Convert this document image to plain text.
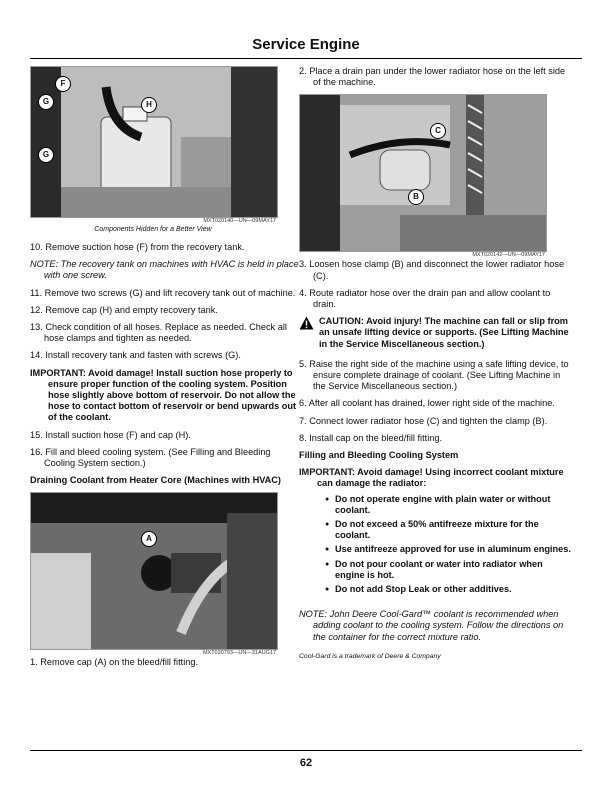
Service Engine
F
G	H
G
MXT020140—UN—09MAY17
Components Hidden for a Better View
10. Remove suction hose (F) from the recovery tank.
NOTE: The recovery tank on machines with HVAC is held in place with one screw.
11. Remove two screws (G) and lift recovery tank out of machine.
12. Remove cap (H) and empty recovery tank.
13. Check condition of all hoses. Replace as needed. Check all hose clamps and tighten as needed.
14. Install recovery tank and fasten with screws (G).
IMPORTANT: Avoid damage! Install suction hose properly to ensure proper function of the cooling system. Position hose slightly above bottom of reservoir. Do not allow the hose to contact bottom of reservoir or bend upwards out of the coolant.
15. Install suction hose (F) and cap (H).
16. Fill and bleed cooling system. (See Filling and Bleeding Cooling System section.)
Draining Coolant from Heater Core (Machines with HVAC)
A
MXT020793—UN—31AUG17
1. Remove cap (A) on the bleed/fill fitting.
2. Place a drain pan under the lower radiator hose on the left side of the machine.
C
B
MXT020142—UN—09MAY17
3. Loosen hose clamp (B) and disconnect the lower radiator hose (C).
4. Route radiator hose over the drain pan and allow coolant to drain.
CAUTION: Avoid injury! The machine can fall or slip from an unsafe lifting device or supports. (See Lifting Machine in the Service Miscellaneous section.)
5. Raise the right side of the machine using a safe lifting device, to ensure complete drainage of coolant. (See Lifting Machine in the Service Miscellaneous section.)
6. After all coolant has drained, lower right side of the machine.
7. Connect lower radiator hose (C) and tighten the clamp (B).
8. Install cap on the bleed/fill fitting.
Filling and Bleeding Cooling System
IMPORTANT: Avoid damage! Using incorrect coolant mixture can damage the radiator:
● Do not operate engine with plain water or without coolant.
● Do not exceed a 50% antifreeze mixture for the coolant.
● Use antifreeze approved for use in aluminum engines.
● Do not pour coolant or water into radiator when engine is hot.
● Do not add Stop Leak or other additives.
NOTE: John Deere Cool-Gard™ coolant is recommended when adding coolant to the cooling system. Follow the directions on the container for the correct mixture ratio.
Cool-Gard is a trademark of Deere & Company
62
